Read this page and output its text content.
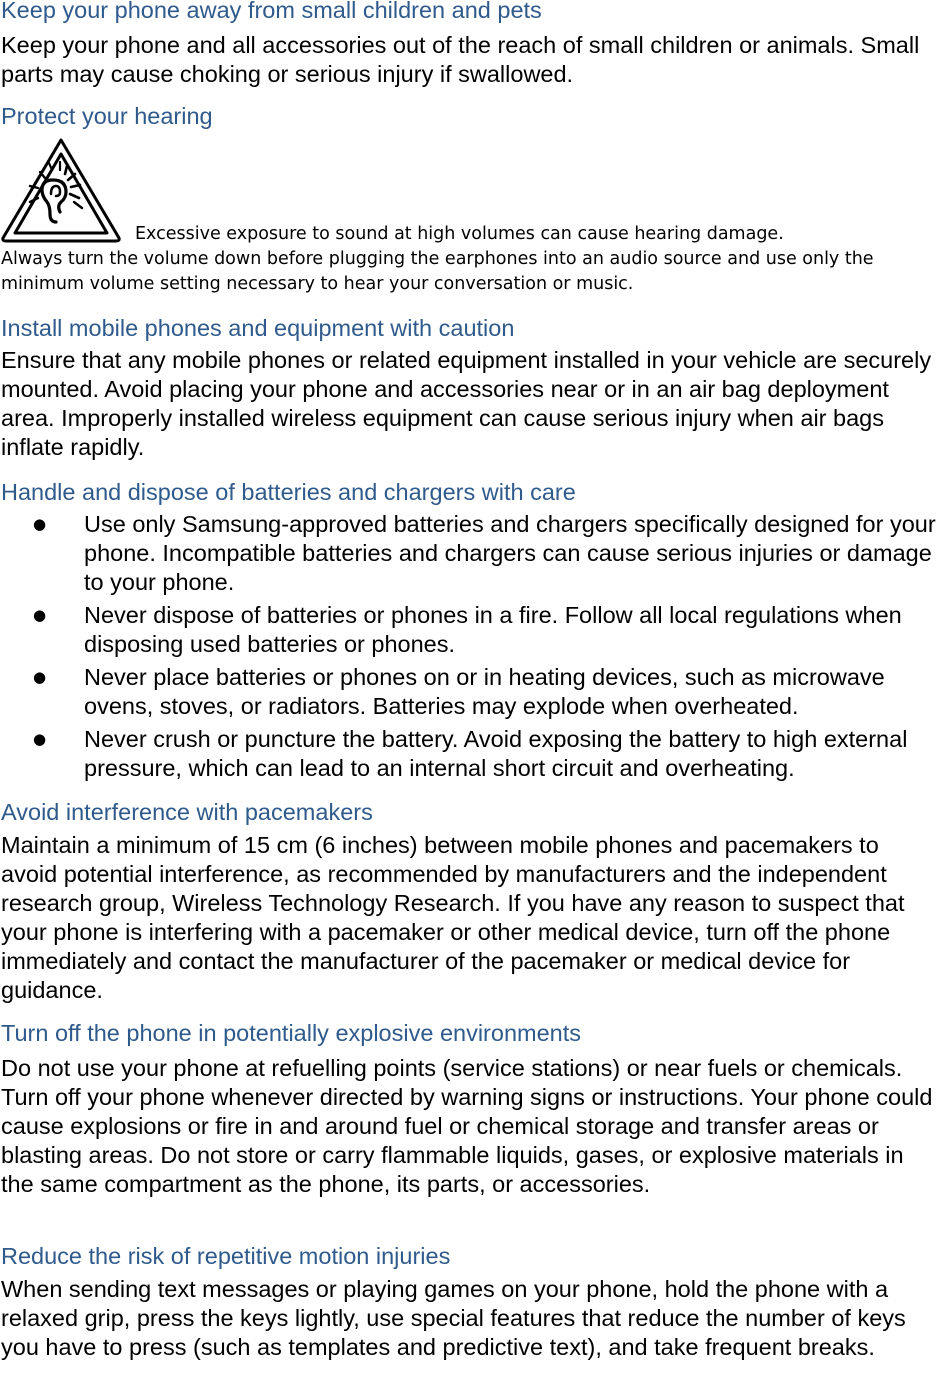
Keep your phone away from small children and pets

Keep your phone and all accessories out of the reach of small children or animals. Small parts may cause choking or serious injury if swallowed.

Protect your hearing

Excessive exposure to sound at high volumes can cause hearing damage.

Always turn the volume down before plugging the earphones into an audio source and use only the minimum volume setting necessary to hear your conversation or music.

Install mobile phones and equipment with caution

Ensure that any mobile phones or related equipment installed in your vehicle are securely mounted. Avoid placing your phone and accessories near or in an air bag deployment area. Improperly installed wireless equipment can cause serious injury when air bags inflate rapidly.

Handle and dispose of batteries and chargers with care
● Use only Samsung-approved batteries and chargers specifically designed for your phone. Incompatible batteries and chargers can cause serious injuries or damage to your phone.

● Never dispose of batteries or phones in a fire. Follow all local regulations when disposing used batteries or phones.

● Never place batteries or phones on or in heating devices, such as microwave ovens, stoves, or radiators. Batteries may explode when overheated.

● Never crush or puncture the battery. Avoid exposing the battery to high external pressure, which can lead to an internal short circuit and overheating.

Avoid interference with pacemakers

Maintain a minimum of 15 cm (6 inches) between mobile phones and pacemakers to avoid potential interference, as recommended by manufacturers and the independent research group, Wireless Technology Research. If you have any reason to suspect that your phone is interfering with a pacemaker or other medical device, turn off the phone immediately and contact the manufacturer of the pacemaker or medical device for guidance.

Turn off the phone in potentially explosive environments

Do not use your phone at refuelling points (service stations) or near fuels or chemicals. Turn off your phone whenever directed by warning signs or instructions. Your phone could cause explosions or fire in and around fuel or chemical storage and transfer areas or blasting areas. Do not store or carry flammable liquids, gases, or explosive materials in the same compartment as the phone, its parts, or accessories.

Reduce the risk of repetitive motion injuries

When sending text messages or playing games on your phone, hold the phone with a relaxed grip, press the keys lightly, use special features that reduce the number of keys you have to press (such as templates and predictive text), and take frequent breaks.
